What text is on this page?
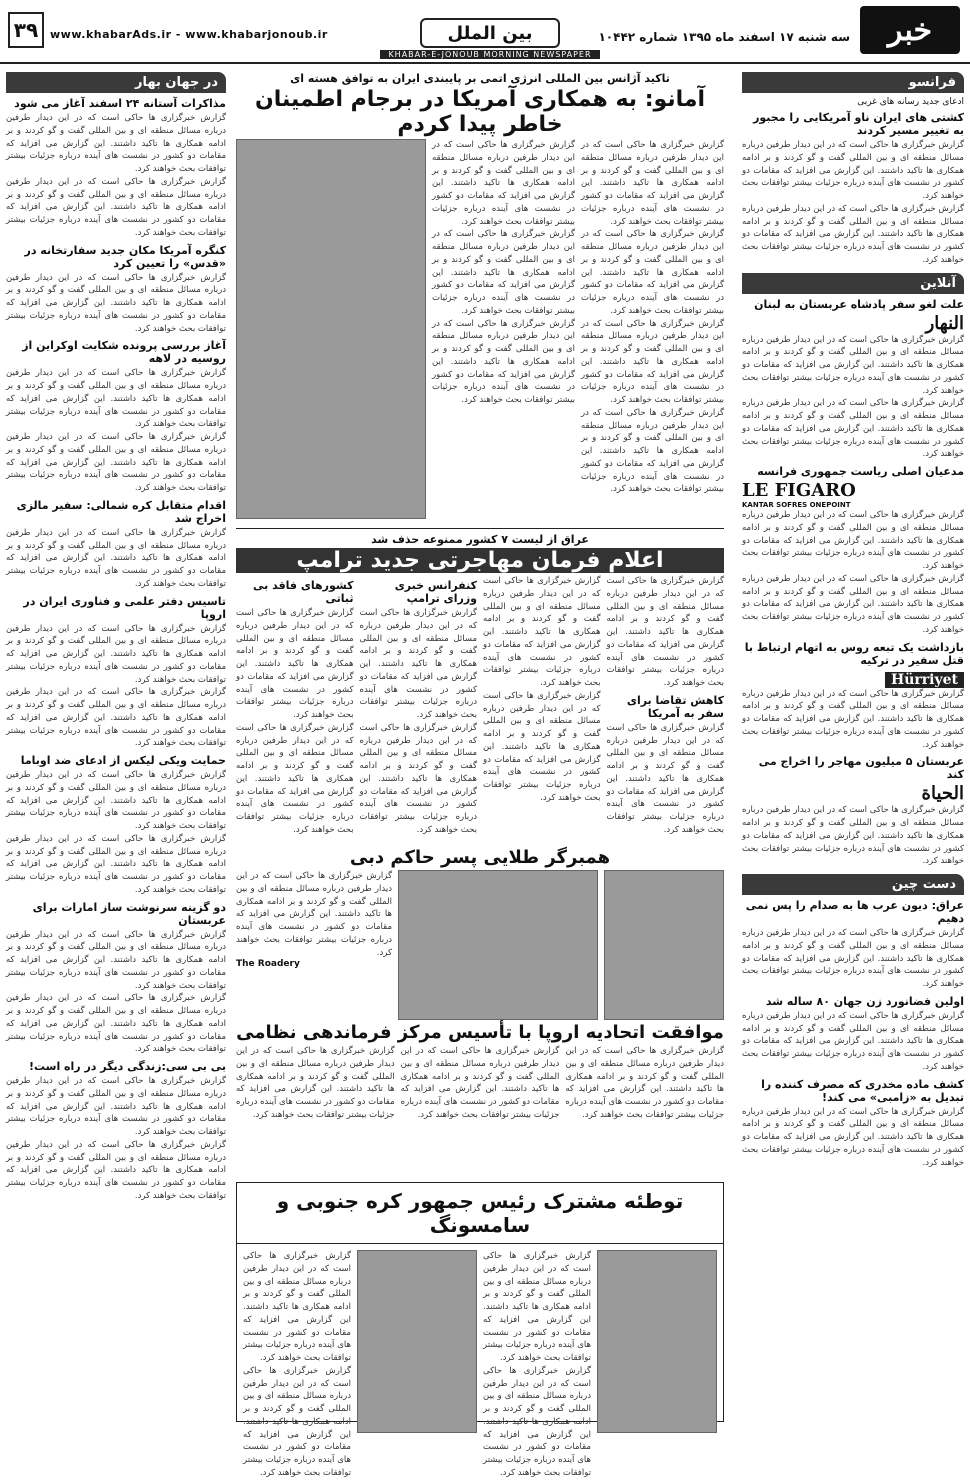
۳۹	www.khabarAds.ir - www.khabarjonoub.ir	بین الملل
KHABAR-E-JONOUB MORNING NEWSPAPER
سه شنبه ۱۷ اسفند ماه ۱۳۹۵ شماره ۱۰۴۴۲	خبر
فرانسو
ادعای جدید رسانه های غربی
کشتی های ایران ناو آمریکایی را مجبور به تغییر مسیر کردند
گزارش خبرگزاری ها حاکی است که در این دیدار طرفین درباره مسائل منطقه ای و بین المللی گفت و گو کردند و بر ادامه همکاری ها تاکید داشتند. این گزارش می افزاید که مقامات دو کشور در نشست های آینده درباره جزئیات بیشتر توافقات بحث خواهند کرد.
گزارش خبرگزاری ها حاکی است که در این دیدار طرفین درباره مسائل منطقه ای و بین المللی گفت و گو کردند و بر ادامه همکاری ها تاکید داشتند. این گزارش می افزاید که مقامات دو کشور در نشست های آینده درباره جزئیات بیشتر توافقات بحث خواهند کرد.
آنلاین
علت لغو سفر پادشاه عربستان به لبنان
النهار
گزارش خبرگزاری ها حاکی است که در این دیدار طرفین درباره مسائل منطقه ای و بین المللی گفت و گو کردند و بر ادامه همکاری ها تاکید داشتند. این گزارش می افزاید که مقامات دو کشور در نشست های آینده درباره جزئیات بیشتر توافقات بحث خواهند کرد.
گزارش خبرگزاری ها حاکی است که در این دیدار طرفین درباره مسائل منطقه ای و بین المللی گفت و گو کردند و بر ادامه همکاری ها تاکید داشتند. این گزارش می افزاید که مقامات دو کشور در نشست های آینده درباره جزئیات بیشتر توافقات بحث خواهند کرد.
مدعیان اصلی ریاست جمهوری فرانسه
LE FIGARO
KANTAR SOFRES ONEPOINT
گزارش خبرگزاری ها حاکی است که در این دیدار طرفین درباره مسائل منطقه ای و بین المللی گفت و گو کردند و بر ادامه همکاری ها تاکید داشتند. این گزارش می افزاید که مقامات دو کشور در نشست های آینده درباره جزئیات بیشتر توافقات بحث خواهند کرد.
گزارش خبرگزاری ها حاکی است که در این دیدار طرفین درباره مسائل منطقه ای و بین المللی گفت و گو کردند و بر ادامه همکاری ها تاکید داشتند. این گزارش می افزاید که مقامات دو کشور در نشست های آینده درباره جزئیات بیشتر توافقات بحث خواهند کرد.
بازداشت یک تبعه روس به اتهام ارتباط با قتل سفیر در ترکیه
Hürriyet
گزارش خبرگزاری ها حاکی است که در این دیدار طرفین درباره مسائل منطقه ای و بین المللی گفت و گو کردند و بر ادامه همکاری ها تاکید داشتند. این گزارش می افزاید که مقامات دو کشور در نشست های آینده درباره جزئیات بیشتر توافقات بحث خواهند کرد.
عربستان ۵ میلیون مهاجر را اخراج می کند
الحياة
گزارش خبرگزاری ها حاکی است که در این دیدار طرفین درباره مسائل منطقه ای و بین المللی گفت و گو کردند و بر ادامه همکاری ها تاکید داشتند. این گزارش می افزاید که مقامات دو کشور در نشست های آینده درباره جزئیات بیشتر توافقات بحث خواهند کرد.
دست چین
عراق: دیون عرب ها به صدام را پس نمی دهیم
گزارش خبرگزاری ها حاکی است که در این دیدار طرفین درباره مسائل منطقه ای و بین المللی گفت و گو کردند و بر ادامه همکاری ها تاکید داشتند. این گزارش می افزاید که مقامات دو کشور در نشست های آینده درباره جزئیات بیشتر توافقات بحث خواهند کرد.
اولین فضانورد زن جهان ۸۰ ساله شد
گزارش خبرگزاری ها حاکی است که در این دیدار طرفین درباره مسائل منطقه ای و بین المللی گفت و گو کردند و بر ادامه همکاری ها تاکید داشتند. این گزارش می افزاید که مقامات دو کشور در نشست های آینده درباره جزئیات بیشتر توافقات بحث خواهند کرد.
کشف ماده مخدری که مصرف کننده را تبدیل به «زامبی» می کند!
گزارش خبرگزاری ها حاکی است که در این دیدار طرفین درباره مسائل منطقه ای و بین المللی گفت و گو کردند و بر ادامه همکاری ها تاکید داشتند. این گزارش می افزاید که مقامات دو کشور در نشست های آینده درباره جزئیات بیشتر توافقات بحث خواهند کرد.
در جهان بهار
مذاکرات آستانه ۲۴ اسفند آغاز می شود
گزارش خبرگزاری ها حاکی است که در این دیدار طرفین درباره مسائل منطقه ای و بین المللی گفت و گو کردند و بر ادامه همکاری ها تاکید داشتند. این گزارش می افزاید که مقامات دو کشور در نشست های آینده درباره جزئیات بیشتر توافقات بحث خواهند کرد.
گزارش خبرگزاری ها حاکی است که در این دیدار طرفین درباره مسائل منطقه ای و بین المللی گفت و گو کردند و بر ادامه همکاری ها تاکید داشتند. این گزارش می افزاید که مقامات دو کشور در نشست های آینده درباره جزئیات بیشتر توافقات بحث خواهند کرد.
کنگره آمریکا مکان جدید سفارتخانه در «قدس» را تعیین کرد
گزارش خبرگزاری ها حاکی است که در این دیدار طرفین درباره مسائل منطقه ای و بین المللی گفت و گو کردند و بر ادامه همکاری ها تاکید داشتند. این گزارش می افزاید که مقامات دو کشور در نشست های آینده درباره جزئیات بیشتر توافقات بحث خواهند کرد.
آغاز بررسی پرونده شکایت اوکراین از روسیه در لاهه
گزارش خبرگزاری ها حاکی است که در این دیدار طرفین درباره مسائل منطقه ای و بین المللی گفت و گو کردند و بر ادامه همکاری ها تاکید داشتند. این گزارش می افزاید که مقامات دو کشور در نشست های آینده درباره جزئیات بیشتر توافقات بحث خواهند کرد.
گزارش خبرگزاری ها حاکی است که در این دیدار طرفین درباره مسائل منطقه ای و بین المللی گفت و گو کردند و بر ادامه همکاری ها تاکید داشتند. این گزارش می افزاید که مقامات دو کشور در نشست های آینده درباره جزئیات بیشتر توافقات بحث خواهند کرد.
اقدام متقابل کره شمالی: سفیر مالزی اخراج شد
گزارش خبرگزاری ها حاکی است که در این دیدار طرفین درباره مسائل منطقه ای و بین المللی گفت و گو کردند و بر ادامه همکاری ها تاکید داشتند. این گزارش می افزاید که مقامات دو کشور در نشست های آینده درباره جزئیات بیشتر توافقات بحث خواهند کرد.
تاسیس دفتر علمی و فناوری ایران در اروپا
گزارش خبرگزاری ها حاکی است که در این دیدار طرفین درباره مسائل منطقه ای و بین المللی گفت و گو کردند و بر ادامه همکاری ها تاکید داشتند. این گزارش می افزاید که مقامات دو کشور در نشست های آینده درباره جزئیات بیشتر توافقات بحث خواهند کرد.
گزارش خبرگزاری ها حاکی است که در این دیدار طرفین درباره مسائل منطقه ای و بین المللی گفت و گو کردند و بر ادامه همکاری ها تاکید داشتند. این گزارش می افزاید که مقامات دو کشور در نشست های آینده درباره جزئیات بیشتر توافقات بحث خواهند کرد.
حمایت ویکی لیکس از ادعای ضد اوباما
گزارش خبرگزاری ها حاکی است که در این دیدار طرفین درباره مسائل منطقه ای و بین المللی گفت و گو کردند و بر ادامه همکاری ها تاکید داشتند. این گزارش می افزاید که مقامات دو کشور در نشست های آینده درباره جزئیات بیشتر توافقات بحث خواهند کرد.
گزارش خبرگزاری ها حاکی است که در این دیدار طرفین درباره مسائل منطقه ای و بین المللی گفت و گو کردند و بر ادامه همکاری ها تاکید داشتند. این گزارش می افزاید که مقامات دو کشور در نشست های آینده درباره جزئیات بیشتر توافقات بحث خواهند کرد.
دو گزینه سرنوشت ساز امارات برای عربستان
گزارش خبرگزاری ها حاکی است که در این دیدار طرفین درباره مسائل منطقه ای و بین المللی گفت و گو کردند و بر ادامه همکاری ها تاکید داشتند. این گزارش می افزاید که مقامات دو کشور در نشست های آینده درباره جزئیات بیشتر توافقات بحث خواهند کرد.
گزارش خبرگزاری ها حاکی است که در این دیدار طرفین درباره مسائل منطقه ای و بین المللی گفت و گو کردند و بر ادامه همکاری ها تاکید داشتند. این گزارش می افزاید که مقامات دو کشور در نشست های آینده درباره جزئیات بیشتر توافقات بحث خواهند کرد.
بی بی سی:زندگی دیگر در راه است!
گزارش خبرگزاری ها حاکی است که در این دیدار طرفین درباره مسائل منطقه ای و بین المللی گفت و گو کردند و بر ادامه همکاری ها تاکید داشتند. این گزارش می افزاید که مقامات دو کشور در نشست های آینده درباره جزئیات بیشتر توافقات بحث خواهند کرد.
گزارش خبرگزاری ها حاکی است که در این دیدار طرفین درباره مسائل منطقه ای و بین المللی گفت و گو کردند و بر ادامه همکاری ها تاکید داشتند. این گزارش می افزاید که مقامات دو کشور در نشست های آینده درباره جزئیات بیشتر توافقات بحث خواهند کرد.
تاکید آژانس بین المللی انرژی اتمی بر پایبندی ایران به توافق هسته ای
آمانو: به همکاری آمریکا در برجام اطمینان خاطر پیدا کردم
گزارش خبرگزاری ها حاکی است که در این دیدار طرفین درباره مسائل منطقه ای و بین المللی گفت و گو کردند و بر ادامه همکاری ها تاکید داشتند. این گزارش می افزاید که مقامات دو کشور در نشست های آینده درباره جزئیات بیشتر توافقات بحث خواهند کرد.
گزارش خبرگزاری ها حاکی است که در این دیدار طرفین درباره مسائل منطقه ای و بین المللی گفت و گو کردند و بر ادامه همکاری ها تاکید داشتند. این گزارش می افزاید که مقامات دو کشور در نشست های آینده درباره جزئیات بیشتر توافقات بحث خواهند کرد.
گزارش خبرگزاری ها حاکی است که در این دیدار طرفین درباره مسائل منطقه ای و بین المللی گفت و گو کردند و بر ادامه همکاری ها تاکید داشتند. این گزارش می افزاید که مقامات دو کشور در نشست های آینده درباره جزئیات بیشتر توافقات بحث خواهند کرد.
گزارش خبرگزاری ها حاکی است که در این دیدار طرفین درباره مسائل منطقه ای و بین المللی گفت و گو کردند و بر ادامه همکاری ها تاکید داشتند. این گزارش می افزاید که مقامات دو کشور در نشست های آینده درباره جزئیات بیشتر توافقات بحث خواهند کرد.
گزارش خبرگزاری ها حاکی است که در این دیدار طرفین درباره مسائل منطقه ای و بین المللی گفت و گو کردند و بر ادامه همکاری ها تاکید داشتند. این گزارش می افزاید که مقامات دو کشور در نشست های آینده درباره جزئیات بیشتر توافقات بحث خواهند کرد.
گزارش خبرگزاری ها حاکی است که در این دیدار طرفین درباره مسائل منطقه ای و بین المللی گفت و گو کردند و بر ادامه همکاری ها تاکید داشتند. این گزارش می افزاید که مقامات دو کشور در نشست های آینده درباره جزئیات بیشتر توافقات بحث خواهند کرد.
گزارش خبرگزاری ها حاکی است که در این دیدار طرفین درباره مسائل منطقه ای و بین المللی گفت و گو کردند و بر ادامه همکاری ها تاکید داشتند. این گزارش می افزاید که مقامات دو کشور در نشست های آینده درباره جزئیات بیشتر توافقات بحث خواهند کرد.
عراق از لیست ۷ کشور ممنوعه حذف شد
اعلام فرمان مهاجرتی جدید ترامپ
گزارش خبرگزاری ها حاکی است که در این دیدار طرفین درباره مسائل منطقه ای و بین المللی گفت و گو کردند و بر ادامه همکاری ها تاکید داشتند. این گزارش می افزاید که مقامات دو کشور در نشست های آینده درباره جزئیات بیشتر توافقات بحث خواهند کرد.
کاهش تقاضا برای سفر به آمریکا
گزارش خبرگزاری ها حاکی است که در این دیدار طرفین درباره مسائل منطقه ای و بین المللی گفت و گو کردند و بر ادامه همکاری ها تاکید داشتند. این گزارش می افزاید که مقامات دو کشور در نشست های آینده درباره جزئیات بیشتر توافقات بحث خواهند کرد.
گزارش خبرگزاری ها حاکی است که در این دیدار طرفین درباره مسائل منطقه ای و بین المللی گفت و گو کردند و بر ادامه همکاری ها تاکید داشتند. این گزارش می افزاید که مقامات دو کشور در نشست های آینده درباره جزئیات بیشتر توافقات بحث خواهند کرد.
گزارش خبرگزاری ها حاکی است که در این دیدار طرفین درباره مسائل منطقه ای و بین المللی گفت و گو کردند و بر ادامه همکاری ها تاکید داشتند. این گزارش می افزاید که مقامات دو کشور در نشست های آینده درباره جزئیات بیشتر توافقات بحث خواهند کرد.
کنفرانس خبری وزرای ترامپ
گزارش خبرگزاری ها حاکی است که در این دیدار طرفین درباره مسائل منطقه ای و بین المللی گفت و گو کردند و بر ادامه همکاری ها تاکید داشتند. این گزارش می افزاید که مقامات دو کشور در نشست های آینده درباره جزئیات بیشتر توافقات بحث خواهند کرد.
گزارش خبرگزاری ها حاکی است که در این دیدار طرفین درباره مسائل منطقه ای و بین المللی گفت و گو کردند و بر ادامه همکاری ها تاکید داشتند. این گزارش می افزاید که مقامات دو کشور در نشست های آینده درباره جزئیات بیشتر توافقات بحث خواهند کرد.
کشورهای فاقد بی ثباتی
گزارش خبرگزاری ها حاکی است که در این دیدار طرفین درباره مسائل منطقه ای و بین المللی گفت و گو کردند و بر ادامه همکاری ها تاکید داشتند. این گزارش می افزاید که مقامات دو کشور در نشست های آینده درباره جزئیات بیشتر توافقات بحث خواهند کرد.
گزارش خبرگزاری ها حاکی است که در این دیدار طرفین درباره مسائل منطقه ای و بین المللی گفت و گو کردند و بر ادامه همکاری ها تاکید داشتند. این گزارش می افزاید که مقامات دو کشور در نشست های آینده درباره جزئیات بیشتر توافقات بحث خواهند کرد.
همبرگر طلایی پسر حاکم دبی
گزارش خبرگزاری ها حاکی است که در این دیدار طرفین درباره مسائل منطقه ای و بین المللی گفت و گو کردند و بر ادامه همکاری ها تاکید داشتند. این گزارش می افزاید که مقامات دو کشور در نشست های آینده درباره جزئیات بیشتر توافقات بحث خواهند کرد.
The Roadery
موافقت اتحادیه اروپا با تأسیس مرکز فرماندهی نظامی
گزارش خبرگزاری ها حاکی است که در این دیدار طرفین درباره مسائل منطقه ای و بین المللی گفت و گو کردند و بر ادامه همکاری ها تاکید داشتند. این گزارش می افزاید که مقامات دو کشور در نشست های آینده درباره جزئیات بیشتر توافقات بحث خواهند کرد.
گزارش خبرگزاری ها حاکی است که در این دیدار طرفین درباره مسائل منطقه ای و بین المللی گفت و گو کردند و بر ادامه همکاری ها تاکید داشتند. این گزارش می افزاید که مقامات دو کشور در نشست های آینده درباره جزئیات بیشتر توافقات بحث خواهند کرد.
گزارش خبرگزاری ها حاکی است که در این دیدار طرفین درباره مسائل منطقه ای و بین المللی گفت و گو کردند و بر ادامه همکاری ها تاکید داشتند. این گزارش می افزاید که مقامات دو کشور در نشست های آینده درباره جزئیات بیشتر توافقات بحث خواهند کرد.
توطئه مشترک رئیس جمهور کره جنوبی و سامسونگ
گزارش خبرگزاری ها حاکی است که در این دیدار طرفین درباره مسائل منطقه ای و بین المللی گفت و گو کردند و بر ادامه همکاری ها تاکید داشتند. این گزارش می افزاید که مقامات دو کشور در نشست های آینده درباره جزئیات بیشتر توافقات بحث خواهند کرد.
گزارش خبرگزاری ها حاکی است که در این دیدار طرفین درباره مسائل منطقه ای و بین المللی گفت و گو کردند و بر ادامه همکاری ها تاکید داشتند. این گزارش می افزاید که مقامات دو کشور در نشست های آینده درباره جزئیات بیشتر توافقات بحث خواهند کرد.
گزارش خبرگزاری ها حاکی است که در این دیدار طرفین درباره مسائل منطقه ای و بین المللی گفت و گو کردند و بر ادامه همکاری ها تاکید داشتند. این گزارش می افزاید که مقامات دو کشور در نشست های آینده درباره جزئیات بیشتر توافقات بحث خواهند کرد.
گزارش خبرگزاری ها حاکی است که در این دیدار طرفین درباره مسائل منطقه ای و بین المللی گفت و گو کردند و بر ادامه همکاری ها تاکید داشتند. این گزارش می افزاید که مقامات دو کشور در نشست های آینده درباره جزئیات بیشتر توافقات بحث خواهند کرد.
